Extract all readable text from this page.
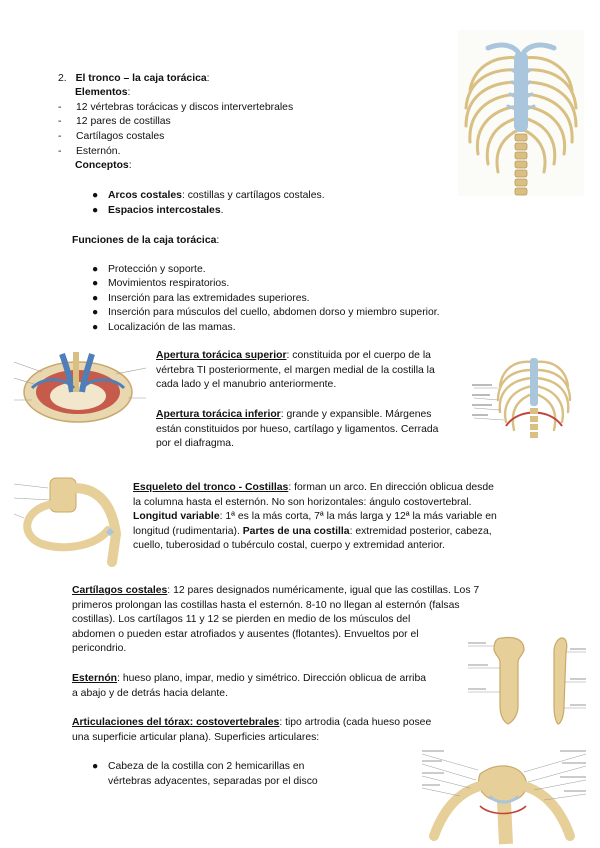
2. El tronco – la caja torácica:
Elementos:
- 12 vértebras torácicas y discos intervertebrales
- 12 pares de costillas
- Cartílagos costales
- Esternón.
Conceptos:
● Arcos costales: costillas y cartílagos costales.
● Espacios intercostales.
Funciones de la caja torácica:
● Protección y soporte.
● Movimientos respiratorios.
● Inserción para las extremidades superiores.
● Inserción para músculos del cuello, abdomen dorso y miembro superior.
● Localización de las mamas.
Apertura torácica superior: constituida por el cuerpo de la
vértebra TI posteriormente, el margen medial de la costilla la
cada lado y el manubrio anteriormente.
Apertura torácica inferior: grande y expansible. Márgenes
están constituidos por hueso, cartílago y ligamentos. Cerrada
por el diafragma.
Esqueleto del tronco - Costillas: forman un arco. En dirección oblicua desde
la columna hasta el esternón. No son horizontales: ángulo costovertebral.
Longitud variable: 1ª es la más corta, 7ª la más larga y 12ª la más variable en
longitud (rudimentaria). Partes de una costilla: extremidad posterior, cabeza,
cuello, tuberosidad o tubérculo costal, cuerpo y extremidad anterior.
Cartílagos costales: 12 pares designados numéricamente, igual que las costillas. Los 7
primeros prolongan las costillas hasta el esternón. 8-10 no llegan al esternón (falsas
costillas). Los cartílagos 11 y 12 se pierden en medio de los músculos del
abdomen o pueden estar atrofiados y ausentes (flotantes). Envueltos por el
pericondrio.
Esternón: hueso plano, impar, medio y simétrico. Dirección oblicua de arriba
a abajo y de detrás hacia delante.
Articulaciones del tórax: costovertebrales: tipo artrodia (cada hueso posee
una superficie articular plana). Superficies articulares:
● Cabeza de la costilla con 2 hemicarillas en
vértebras adyacentes, separadas por el disco
